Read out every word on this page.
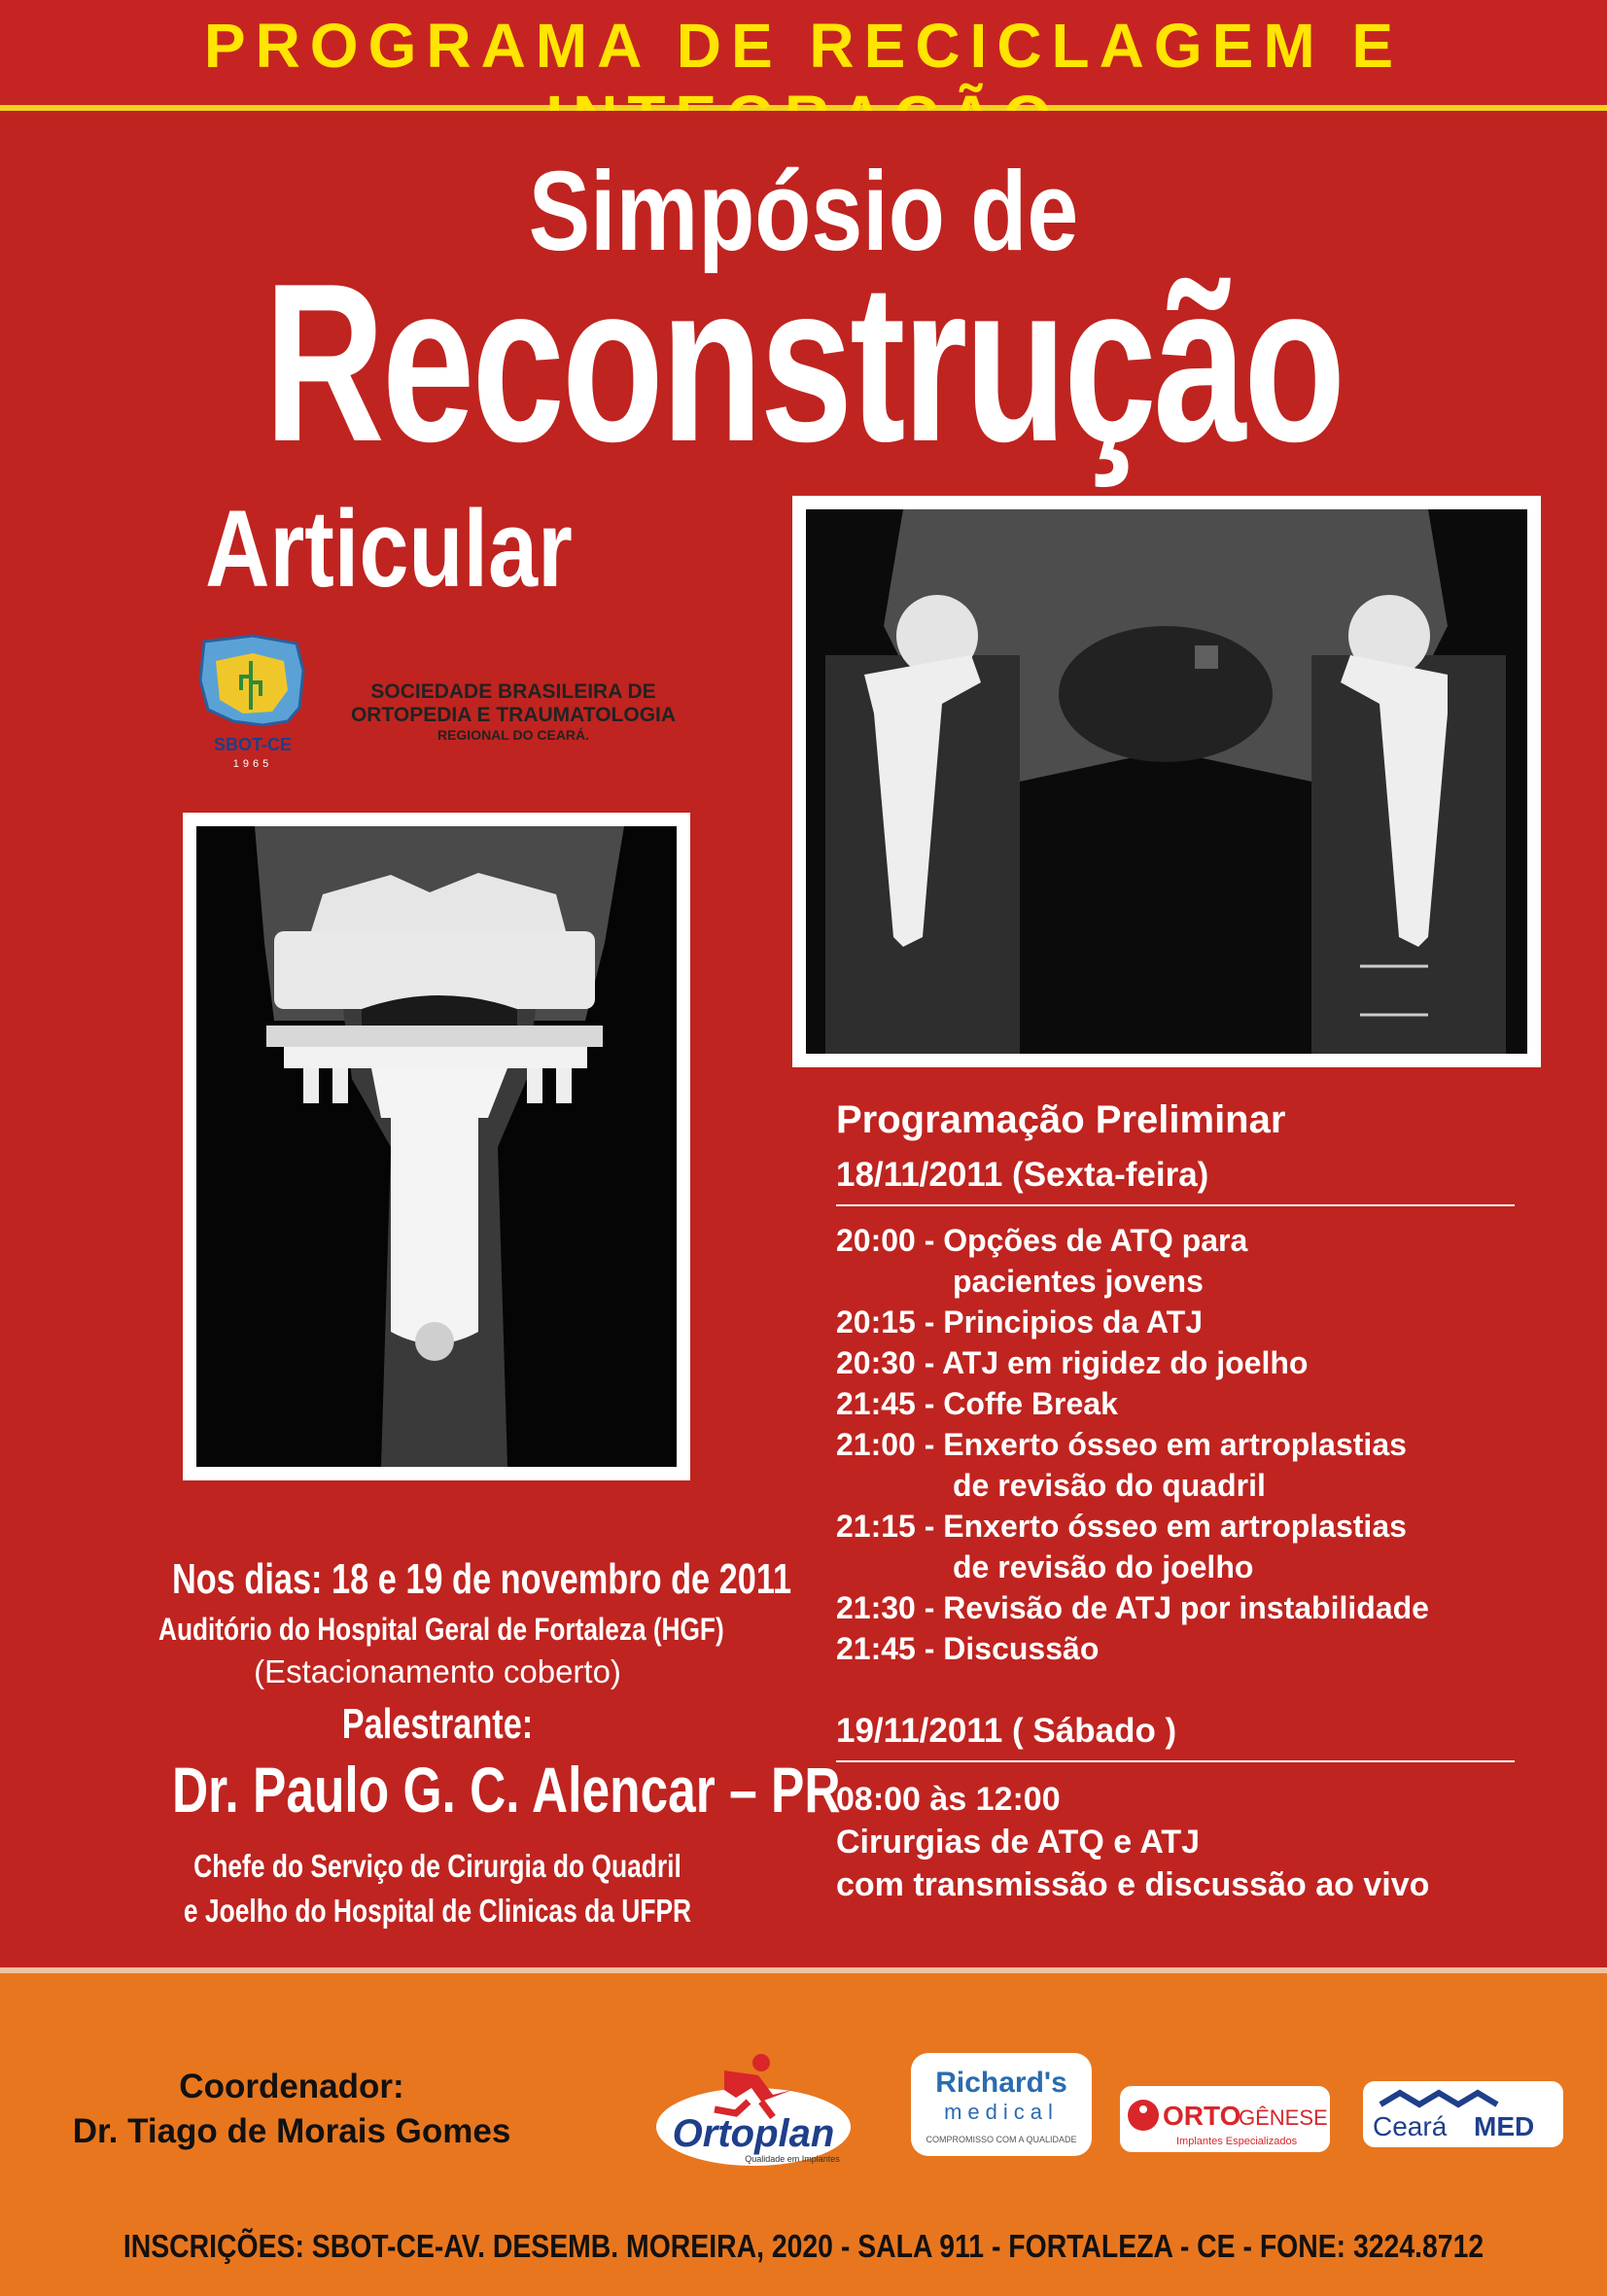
PROGRAMA DE RECICLAGEM E
Simpósio de
Reconstrução
Articular
SBOT-CE
1965
SOCIEDADE BRASILEIRA DE
ORTOPEDIA E TRAUMATOLOGIA
REGIONAL DO CEARÁ.
Nos dias: 18 e 19 de novembro de 2011
Auditório do Hospital Geral de Fortaleza (HGF)
(Estacionamento coberto)
Palestrante:
Dr. Paulo G. C. Alencar – PR
Chefe do Serviço de Cirurgia do Quadril
e Joelho do Hospital de Clinicas da UFPR
Programação Preliminar
18/11/2011 (Sexta-feira)
20:00 - Opções de ATQ para
pacientes jovens
20:15 - Principios da ATJ
20:30 - ATJ em rigidez do joelho
21:45 - Coffe Break
21:00 - Enxerto ósseo em artroplastias
de revisão do quadril
21:15 - Enxerto ósseo em artroplastias
de revisão do joelho
21:30 - Revisão de ATJ por instabilidade
21:45 - Discussão
19/11/2011 ( Sábado )
08:00 às 12:00
Cirurgias de ATQ e ATJ
com transmissão e discussão ao vivo
Coordenador:
Dr. Tiago de Morais Gomes	Ortoplan
Qualidade em Implantes
Richard's
medical
COMPROMISSO COM A QUALIDADE
ORTO
GÊNESE
Implantes Especializados	Ceará MED
INSCRIÇÕES: SBOT-CE-AV. DESEMB. MOREIRA, 2020 - SALA 911 - FORTALEZA - CE - FONE: 3224.8712
